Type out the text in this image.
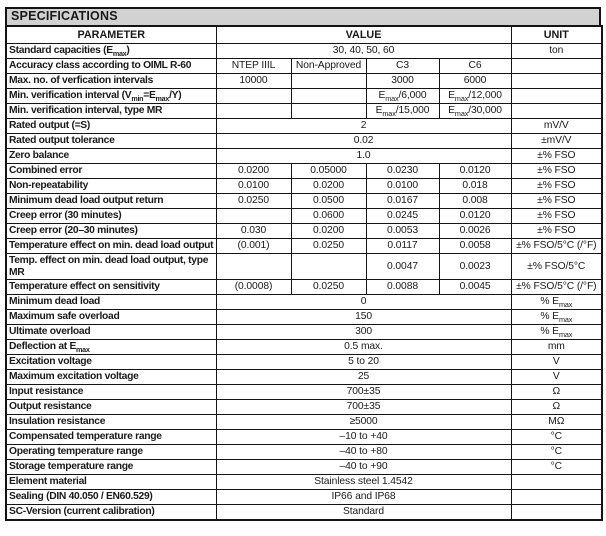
SPECIFICATIONS
PARAMETER	VALUE				UNIT
Standard capacities $(E_{max})$	30, 40, 50, 60				ton
Accuracy class according to OIML R-60	NTEP IIIL	Non-Approved	C3	C6	
Max. no. of verfication intervals	10000		3000	6000	
Min. verification interval $(V_{min}=E_{max}/Y)$			$E_{max}/6,000$	$E_{max}/12,000$	
Min. verification interval, type MR			$E_{max}/15,000$	$E_{max}/30,000$	
Rated output (=S)	2				mV/V
Rated output tolerance	0.02				±mV/V
Zero balance	1.0				±% FSO
Combined error	0.0200	0.05000	0.0230	0.0120	±% FSO
Non-repeatability	0.0100	0.0200	0.0100	0.018	±% FSO
Minimum dead load output return	0.0250	0.0500	0.0167	0.008	±% FSO
Creep error (30 minutes)		0.0600	0.0245	0.0120	±% FSO
Creep error (20–30 minutes)	0.030	0.0200	0.0053	0.0026	±% FSO
Temperature effect on min. dead load output	(0.001)	0.0250	0.0117	0.0058	±% FSO/5°C (/°F)
Temp. effect on min. dead load output, type MR			0.0047	0.0023	±% FSO/5°C
Temperature effect on sensitivity	(0.0008)	0.0250	0.0088	0.0045	±% FSO/5°C (/°F)
Minimum dead load	0				% $E_{max}$
Maximum safe overload	150				% $E_{max}$
Ultimate overload	300				% $E_{max}$
Deflection at $E_{max}$	0.5 max.				mm
Excitation voltage	5 to 20				V
Maximum excitation voltage	25				V
Input resistance	700±35				Ω
Output resistance	700±35				Ω
Insulation resistance	≥5000				MΩ
Compensated temperature range	–10 to +40				°C
Operating temperature range	–40 to +80				°C
Storage temperature range	–40 to +90				°C
Element material	Stainless steel 1.4542				
Sealing (DIN 40.050 / EN60.529)	IP66 and IP68				
SC-Version (current calibration)	Standard				
